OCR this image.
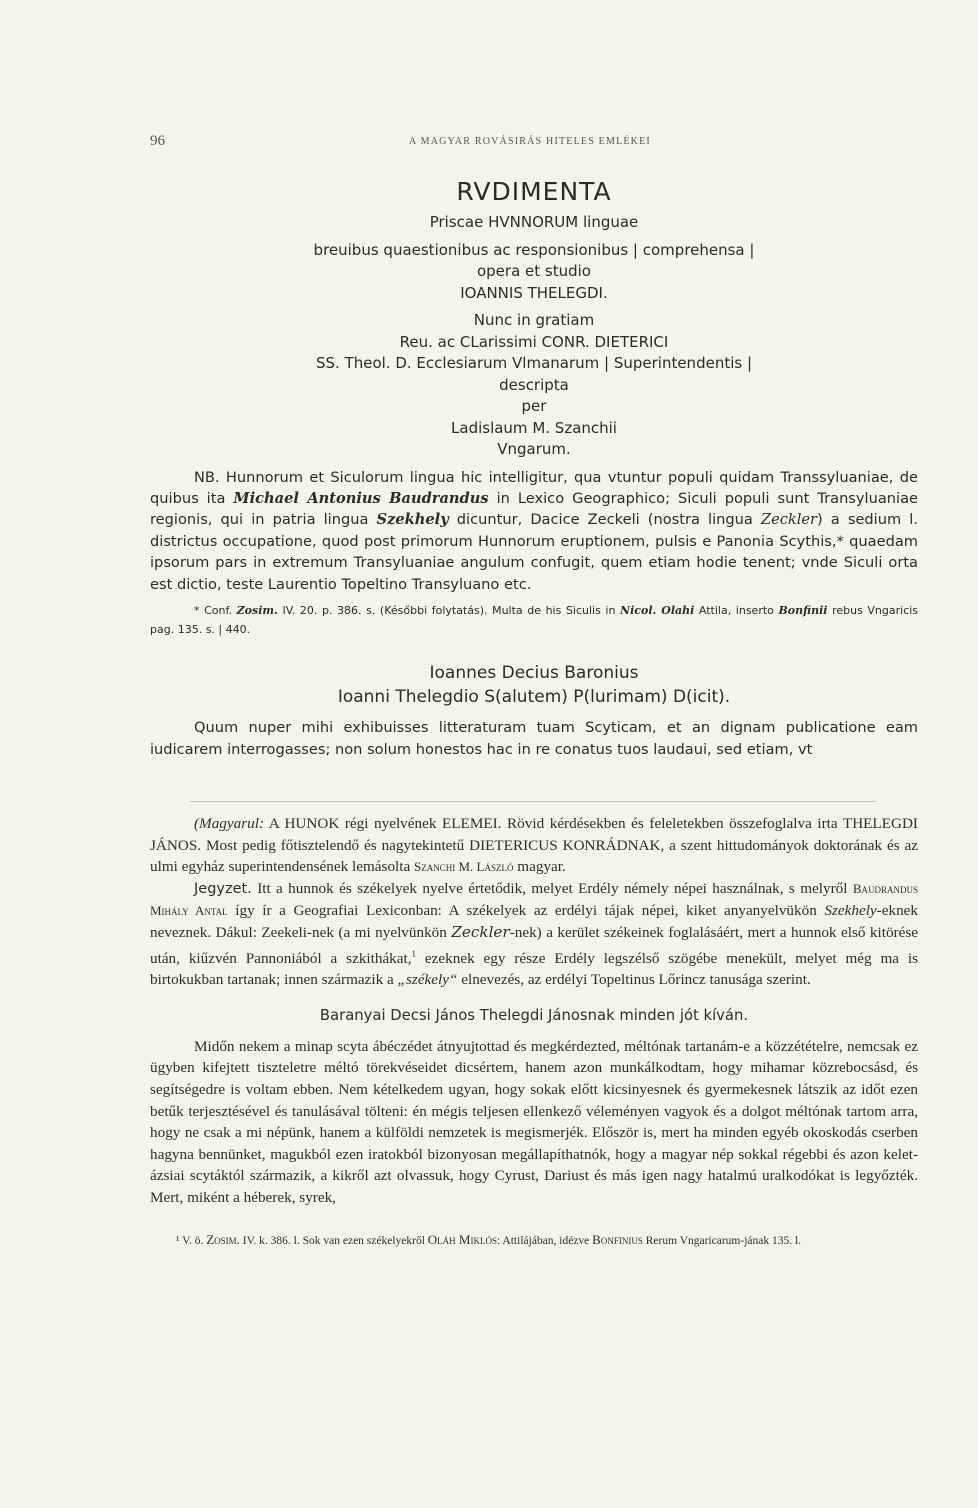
96	A MAGYAR ROVÁSIRÁS HITELES EMLÉKEI
RVDIMENTA
Priscae HVNNORUM linguae
breuibus quaestionibus ac responsionibus | comprehensa |
opera et studio
IOANNIS THELEGDI.
Nunc in gratiam
Reu. ac CLarissimi CONR. DIETERICI
SS. Theol. D. Ecclesiarum Vlmanarum | Superintendentis |
descripta
per
Ladislaum M. Szanchii
Vngarum.
NB. Hunnorum et Siculorum lingua hic intelligitur, qua vtuntur populi quidam Transsyluaniae, de quibus ita Michael Antonius Baudrandus in Lexico Geographico; Siculi populi sunt Transyluaniae regionis, qui in patria lingua Szekhely dicuntur, Dacice Zeckeli (nostra lingua Zeckler) a sedium l. districtus occupatione, quod post primorum Hunnorum eruptionem, pulsis e Panonia Scythis,* quaedam ipsorum pars in extremum Transyluaniae angulum confugit, quem etiam hodie tenent; vnde Siculi orta est dictio, teste Laurentio Topeltino Transyluano etc.
* Conf. Zosim. IV. 20. p. 386. s. (Későbbi folytatás). Multa de his Siculis in Nicol. Olahi Attila, inserto Bonfinii rebus Vngaricis pag. 135. s. | 440.
Ioannes Decius Baronius
Ioanni Thelegdio S(alutem) P(lurimam) D(icit).
Quum nuper mihi exhibuisses litteraturam tuam Scyticam, et an dignam publicatione eam iudicarem interrogasses; non solum honestos hac in re conatus tuos laudaui, sed etiam, vt

(Magyarul: A HUNOK régi nyelvének ELEMEI. Rövid kérdésekben és feleletekben összefoglalva irta THELEGDI JÁNOS. Most pedig főtisztelendő és nagytekintetű DIETERICUS KONRÁDNAK, a szent hittudományok doktorának és az ulmi egyház superintendensének lemásolta Szanchi M. László magyar.

Jegyzet. Itt a hunnok és székelyek nyelve értetődik, melyet Erdély némely népei használnak, s melyről Baudrandus Mihály Antal így ír a Geografiai Lexiconban: A székelyek az erdélyi tájak népei, kiket anyanyelvükön Szekhely-eknek neveznek. Dákul: Zeekeli-nek (a mi nyelvünkön Zeckler-nek) a kerület székeinek foglalásáért, mert a hunnok első kitörése után, kiűzvén Pannoniából a szkithákat,$^1$ ezeknek egy része Erdély legszélső szögébe menekült, melyet még ma is birtokukban tartanak; innen származik a „székely“ elnevezés, az erdélyi Topeltinus Lőrincz tanusága szerint.

Baranyai Decsi János Thelegdi Jánosnak minden jót kíván.

Midőn nekem a minap scyta ábéczédet átnyujtottad és megkérdezted, méltónak tartanám-e a közzétételre, nemcsak ez ügyben kifejtett tiszteletre méltó törekvéseidet dicsértem, hanem azon munkálkodtam, hogy mihamar közrebocsásd, és segítségedre is voltam ebben. Nem kételkedem ugyan, hogy sokak előtt kicsinyesnek és gyermekesnek látszik az időt ezen betűk terjesztésével és tanulásával tölteni: én mégis teljesen ellenkező véleményen vagyok és a dolgot méltónak tartom arra, hogy ne csak a mi népünk, hanem a külföldi nemzetek is megismerjék. Először is, mert ha minden egyéb okoskodás cserben hagyna bennünket, magukból ezen iratokból bizonyosan megállapíthatnók, hogy a magyar nép sokkal régebbi és azon kelet-ázsiai scytáktól származik, a kikről azt olvassuk, hogy Cyrust, Dariust és más igen nagy hatalmú uralkodókat is legyőzték. Mert, miként a héberek, syrek,

¹ V. ö. Zosim. IV. k. 386. l. Sok van ezen székelyekről Oláh Miklós: Attilájában, idézve Bonfinius Rerum Vngaricarum-jának 135. l.
